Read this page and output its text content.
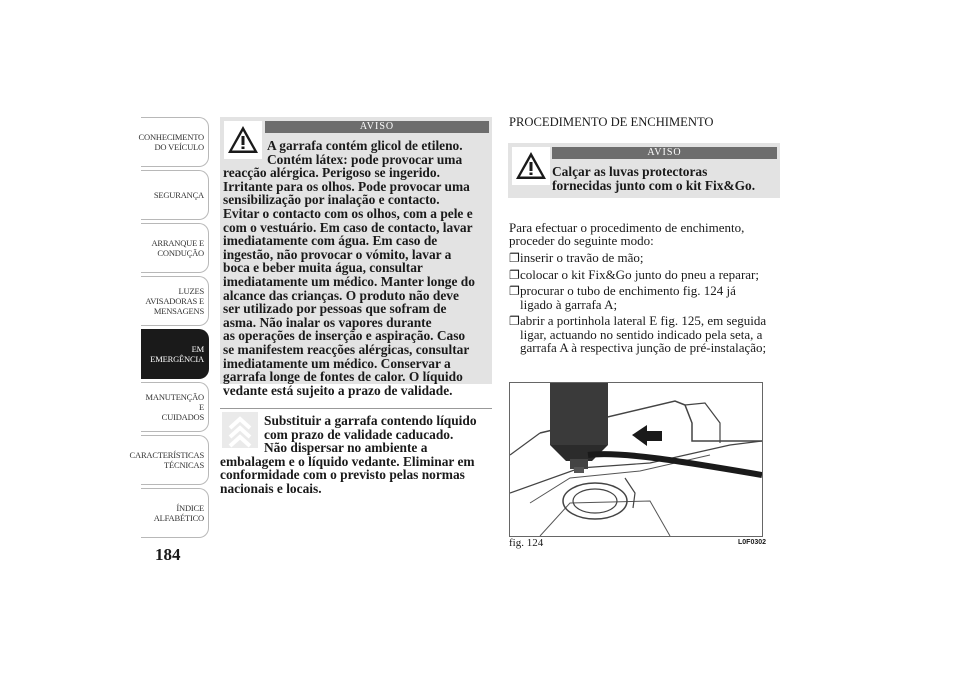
CONHECIMENTO
DO VEÍCULO
SEGURANÇA
ARRANQUE E
CONDUÇÃO
LUZES
AVISADORAS E
MENSAGENS
EM EMERGÊNCIA
MANUTENÇÃO E
CUIDADOS
CARACTERÍSTICAS
TÉCNICAS
ÍNDICE
ALFABÉTICO
184
AVISO
A garrafa contém glicol de etileno.
Contém látex: pode provocar uma
reacção alérgica. Perigoso se ingerido.
Irritante para os olhos. Pode provocar uma
sensibilização por inalação e contacto.
Evitar o contacto com os olhos, com a pele e
com o vestuário. Em caso de contacto, lavar
imediatamente com água. Em caso de
ingestão, não provocar o vómito, lavar a
boca e beber muita água, consultar
imediatamente um médico. Manter longe do
alcance das crianças. O produto não deve
ser utilizado por pessoas que sofram de
asma. Não inalar os vapores durante
as operações de inserção e aspiração. Caso
se manifestem reacções alérgicas, consultar
imediatamente um médico. Conservar a
garrafa longe de fontes de calor. O líquido
vedante está sujeito a prazo de validade.
Substituir a garrafa contendo líquido
com prazo de validade caducado.
Não dispersar no ambiente a
embalagem e o líquido vedante. Eliminar em
conformidade com o previsto pelas normas
nacionais e locais.
PROCEDIMENTO DE ENCHIMENTO
AVISO
Calçar as luvas protectoras
fornecidas junto com o kit Fix&Go.
Para efectuar o procedimento de enchimento,
proceder do seguinte modo:
❐inserir o travão de mão;
❐colocar o kit Fix&Go junto do pneu a reparar;
❐procurar o tubo de enchimento fig. 124 já
ligado à garrafa A;
❐abrir a portinhola lateral E fig. 125, em seguida
ligar, actuando no sentido indicado pela seta, a
garrafa A à respectiva junção de pré-instalação;
fig. 124	L0F0302
